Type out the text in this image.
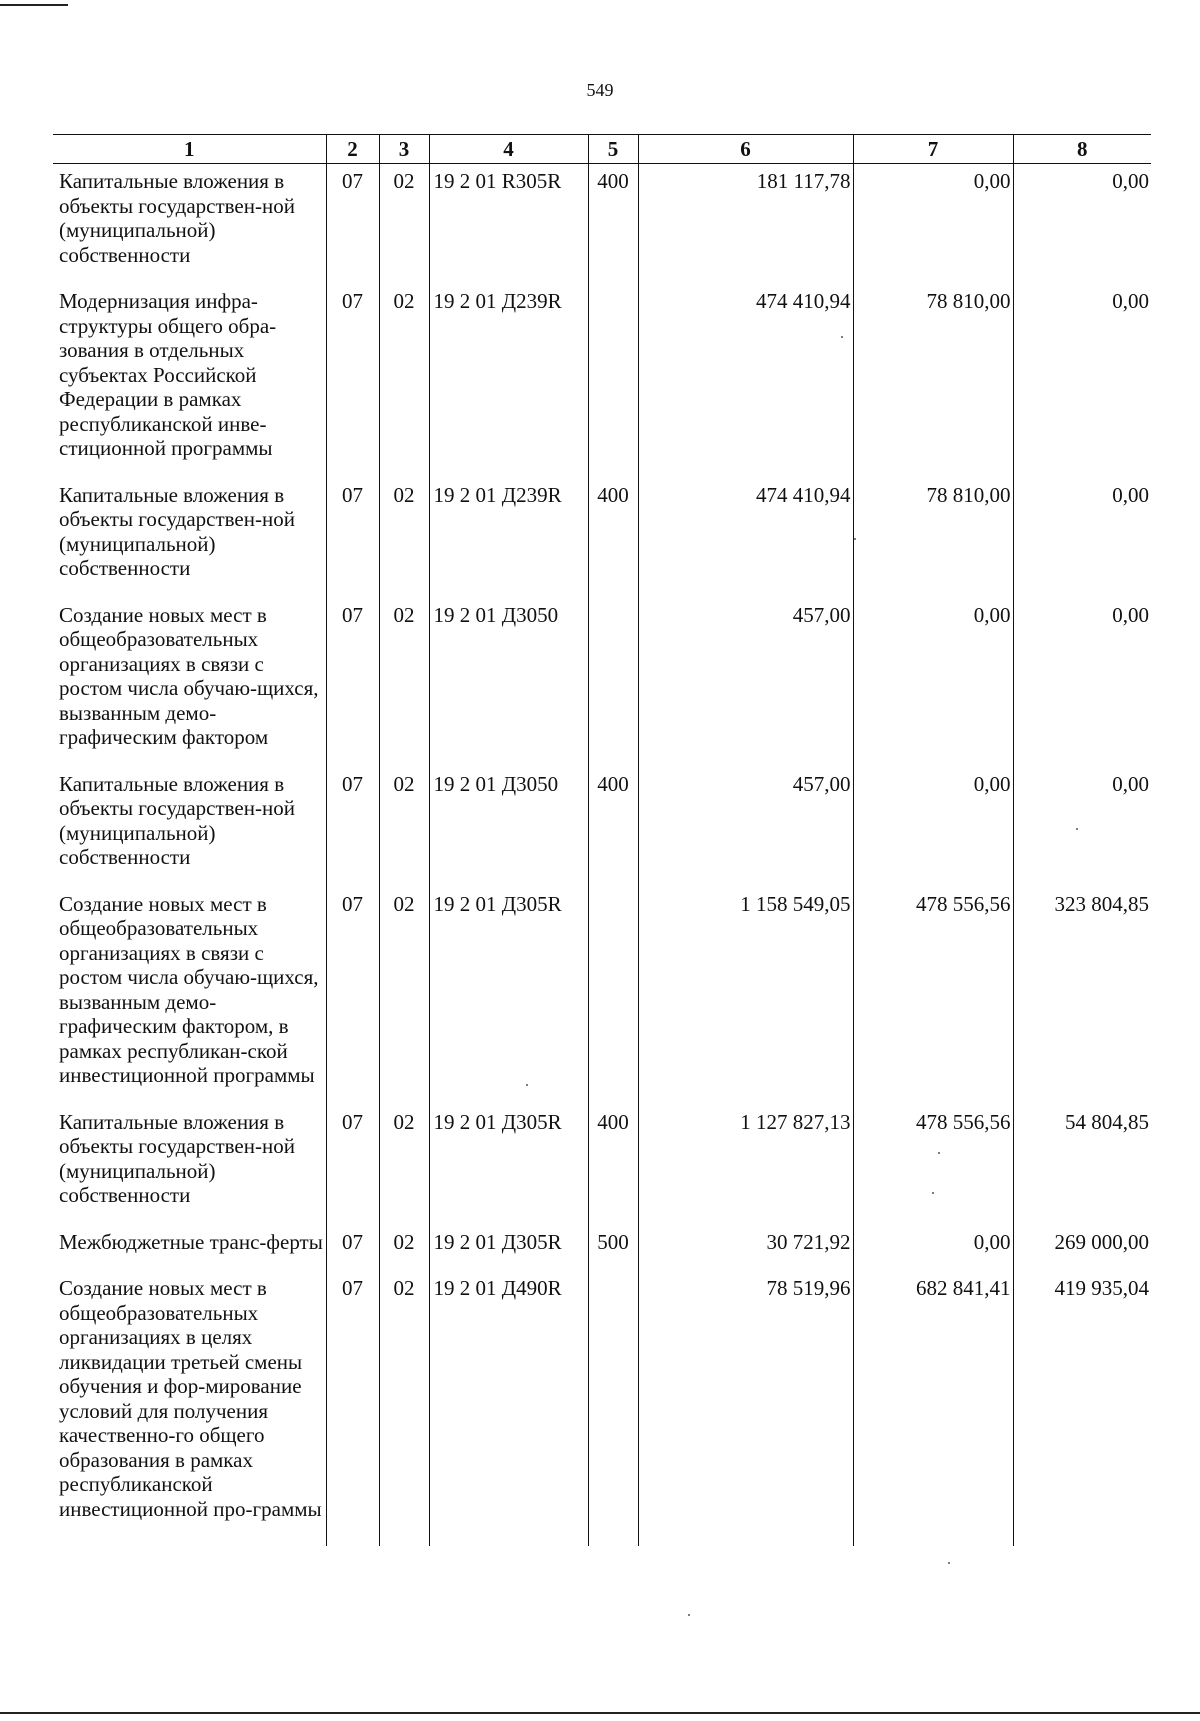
549
1	2	3	4	5	6	7	8
Капитальные вложения в объекты государствен-ной (муниципальной) собственности	07	02	19 2 01 R305R	400	181 117,78	0,00	0,00
Модернизация инфра-структуры общего обра-зования в отдельных субъектах Российской Федерации в рамках республиканской инве-стиционной программы	07	02	19 2 01 Д239R		474 410,94	78 810,00	0,00
Капитальные вложения в объекты государствен-ной (муниципальной) собственности	07	02	19 2 01 Д239R	400	474 410,94	78 810,00	0,00
Создание новых мест в общеобразовательных организациях в связи с ростом числа обучаю-щихся, вызванным демо-графическим фактором	07	02	19 2 01 Д3050		457,00	0,00	0,00
Капитальные вложения в объекты государствен-ной (муниципальной) собственности	07	02	19 2 01 Д3050	400	457,00	0,00	0,00
Создание новых мест в общеобразовательных организациях в связи с ростом числа обучаю-щихся, вызванным демо-графическим фактором, в рамках республикан-ской инвестиционной программы	07	02	19 2 01 Д305R		1 158 549,05	478 556,56	323 804,85
Капитальные вложения в объекты государствен-ной (муниципальной) собственности	07	02	19 2 01 Д305R	400	1 127 827,13	478 556,56	54 804,85
Межбюджетные транс-ферты	07	02	19 2 01 Д305R	500	30 721,92	0,00	269 000,00
Создание новых мест в общеобразовательных организациях в целях ликвидации третьей смены обучения и фор-мирование условий для получения качественно-го общего образования в рамках республиканской инвестиционной про-граммы	07	02	19 2 01 Д490R		78 519,96	682 841,41	419 935,04
